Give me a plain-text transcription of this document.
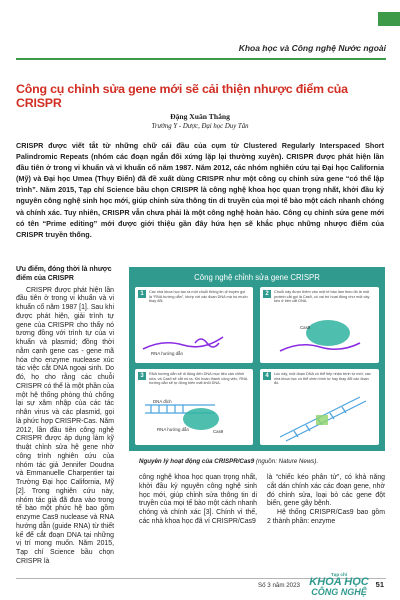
Khoa học và Công nghệ Nước ngoài
Công cụ chỉnh sửa gene mới sẽ cải thiện nhược điểm của CRISPR
Đặng Xuân Thắng
Trường Y - Dược, Đại học Duy Tân
CRISPR được viết tắt từ những chữ cái đầu của cụm từ Clustered Regularly Interspaced Short Palindromic Repeats (nhóm các đoạn ngắn đối xứng lặp lại thường xuyên). CRISPR được phát hiện lần đầu tiên ở trong vi khuẩn và vi khuẩn cổ năm 1987. Năm 2012, các nhóm nghiên cứu tại Đại học California (Mỹ) và Đại học Umea (Thụy Điển) đã đề xuất dùng CRISPR như một công cụ chỉnh sửa gene “có thể lập trình”. Năm 2015, Tạp chí Science bầu chọn CRISPR là công nghệ khoa học quan trọng nhất, khởi đầu kỷ nguyên công nghệ sinh học mới, giúp chỉnh sửa thông tin di truyền của mọi tế bào một cách nhanh chóng và chính xác. Tuy nhiên, CRISPR vẫn chưa phải là một công nghệ hoàn hảo. Công cụ chỉnh sửa gene mới có tên “Prime editing” mới được giới thiệu gần đây hứa hẹn sẽ khắc phục những nhược điểm của CRISPR truyền thống.
Ưu điểm, đóng thời là nhược điểm của CRISPR

CRISPR được phát hiện lần đầu tiên ở trong vi khuẩn và vi khuẩn cổ năm 1987 [1]. Sau khi được phát hiện, giải trình tự gene của CRISPR cho thấy nó tương đồng với trình tự của vi khuẩn và plasmid; đồng thời nằm cạnh gene cas - gene mã hóa cho enzyme nuclease xúc tác việc cắt DNA ngoại sinh. Do đó, họ cho rằng các chuỗi CRISPR có thể là một phần của một hệ thống phòng thủ chống lại sự xâm nhập của các tác nhân virus và các plasmid, gọi là phức hợp CRISPR-Cas. Năm 2012, lần đầu tiên công nghệ CRISPR được áp dụng làm kỹ thuật chỉnh sửa hệ gene nhờ công trình nghiên cứu của nhóm tác giả Jennifer Doudna và Emmanuelle Charpentier tại Trường Đại học California, Mỹ [2]. Trong nghiên cứu này, nhóm tác giả đã đưa vào trong tế bào một phức hệ bao gồm enzyme Cas9 nuclease và RNA hướng dẫn (guide RNA) từ thiết kế để cắt đoạn DNA tại những vị trí mong muốn. Năm 2015, Tạp chí Science bầu chọn CRISPR là

Công nghệ chỉnh sửa gene CRISPR
1	Các nhà khoa học tạo ra một chuỗi thông tin di truyền gọi là “RNA hướng dẫn”, khớp với các đoạn DNA mà họ muốn thay đổi.
RNA hướng dẫn
2	Chuỗi này được thêm vào một tế bào làm theo đó là một protein cắt gọi là Cas9, có vai trò hoạt động như một cây kéo ở bên cắt DNA.
Cas9
3	RNA hướng dẫn sẽ di động đến DNA mục tiêu cần chỉnh sửa, và Cas9 sẽ cắt nó ra. Khi hoàn thành công việc, RNA hướng dẫn sẽ tự động biến mất khỏi DNA.
DNA đích
RNA hướng dẫn	Cas9
4	Lúc này, một đoạn DNA có thể tiếp nhận trình tự mới, các nhà khoa học có thể chèn trình tự hay thay đổi các đoạn đó.
Nguyên lý hoạt động của CRISPR/Cas9 (nguồn: Nature News).

công nghệ khoa học quan trọng nhất, khởi đầu kỷ nguyên công nghệ sinh học mới, giúp chỉnh sửa thông tin di truyền của mọi tế bào một cách nhanh chóng và chính xác [3]. Chính vì thế, các nhà khoa học đã ví CRISPR/Cas9

là “chiếc kéo phân tử”, có khả năng cắt dán chính xác các đoạn gene, nhờ đó chỉnh sửa, loại bỏ các gene đột biến, gene gây bệnh.

Hệ thống CRISPR/Cas9 bao gồm 2 thành phần: enzyme

Số 3 năm 2023
Tạp chí
KHOA HỌC
CÔNG NGHỆ
51
